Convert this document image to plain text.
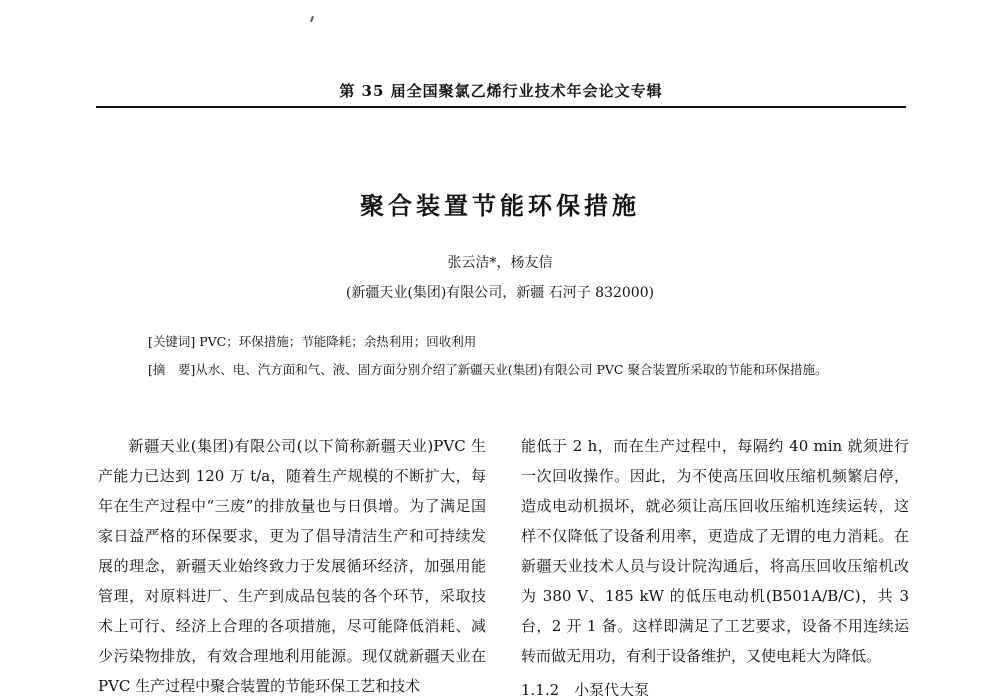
第 35 届全国聚氯乙烯行业技术年会论文专辑
聚合装置节能环保措施
张云洁*，杨友信
(新疆天业(集团)有限公司，新疆 石河子 832000)
[关键词] PVC；环保措施；节能降耗；余热利用；回收利用
[摘　要]从水、电、汽方面和气、液、固方面分别介绍了新疆天业(集团)有限公司 PVC 聚合装置所采取的节能和环保措施。
新疆天业(集团)有限公司(以下简称新疆天业)PVC 生产能力已达到 120 万 t/a，随着生产规模的不断扩大，每年在生产过程中“三废”的排放量也与日俱增。为了满足国家日益严格的环保要求，更为了倡导清洁生产和可持续发展的理念，新疆天业始终致力于发展循环经济，加强用能管理，对原料进厂、生产到成品包装的各个环节，采取技术上可行、经济上合理的各项措施，尽可能降低消耗、减少污染物排放，有效合理地利用能源。现仅就新疆天业在 PVC 生产过程中聚合装置的节能环保工艺和技术
能低于 2 h，而在生产过程中，每隔约 40 min 就须进行一次回收操作。因此，为不使高压回收压缩机频繁启停，造成电动机损坏，就必须让高压回收压缩机连续运转，这样不仅降低了设备利用率，更造成了无谓的电力消耗。在新疆天业技术人员与设计院沟通后，将高压回收压缩机改为 380 V、185 kW 的低压电动机(B501A/B/C)，共 3 台，2 开 1 备。这样即满足了工艺要求，设备不用连续运转而做无用功，有利于设备维护，又使电耗大为降低。
1.1.2　小泵代大泵
